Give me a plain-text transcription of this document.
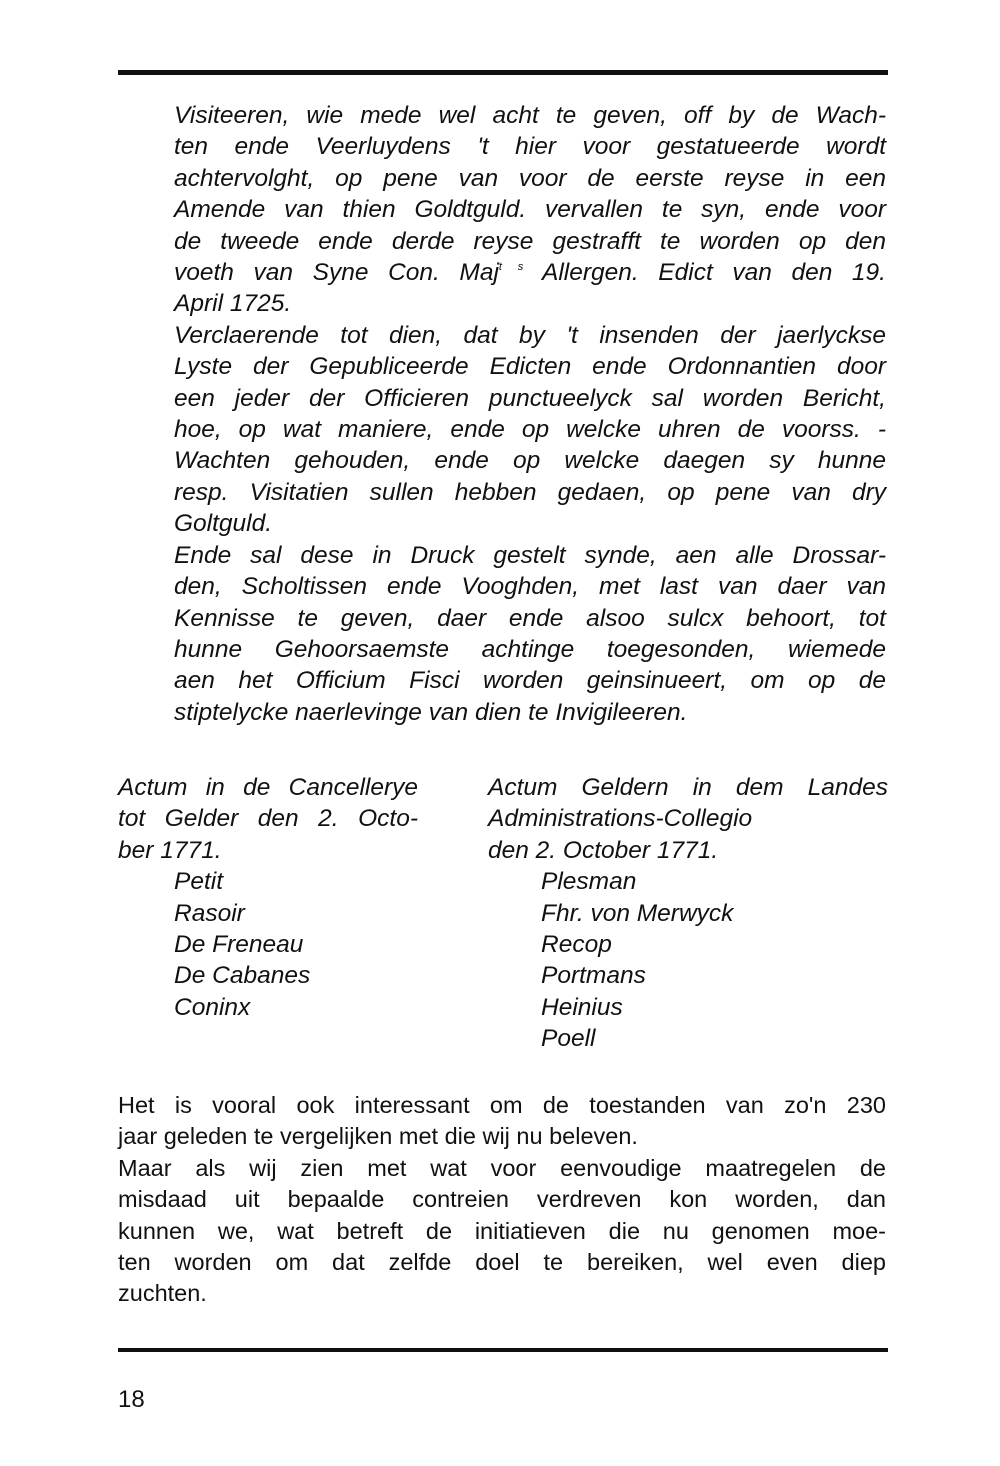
Visiteeren, wie mede wel acht te geven, off by de Wach-
ten ende Veerluydens 't hier voor gestatueerde wordt
achtervolght, op pene van voor de eerste reyse in een
Amende van thien Goldtguld. vervallen te syn, ende voor
de tweede ende derde reyse gestrafft te worden op den
voeth van Syne Con. Maj$^{t s}$ Allergen. Edict van den 19.
April 1725.

Verclaerende tot dien, dat by 't insenden der jaerlyckse
Lyste der Gepubliceerde Edicten ende Ordonnantien door
een jeder der Officieren punctueelyck sal worden Bericht,
hoe, op wat maniere, ende op welcke uhren de voorss. -
Wachten gehouden, ende op welcke daegen sy hunne
resp. Visitatien sullen hebben gedaen, op pene van dry
Goltguld.

Ende sal dese in Druck gestelt synde, aen alle Drossar-
den, Scholtissen ende Vooghden, met last van daer van
Kennisse te geven, daer ende alsoo sulcx behoort, tot
hunne Gehoorsaemste achtinge toegesonden, wiemede
aen het Officium Fisci worden geinsinueert, om op de
stiptelycke naerlevinge van dien te Invigileeren.

Actum in de Cancellerye
tot Gelder den 2. Octo-
ber 1771.
Petit
Rasoir
De Freneau
De Cabanes
Coninx
Actum Geldern in dem Landes
Administrations-Collegio
den 2. October 1771.
Plesman
Fhr. von Merwyck
Recop
Portmans
Heinius
Poell

Het is vooral ook interessant om de toestanden van zo'n 230
jaar geleden te vergelijken met die wij nu beleven.

Maar als wij zien met wat voor eenvoudige maatregelen de
misdaad uit bepaalde contreien verdreven kon worden, dan
kunnen we, wat betreft de initiatieven die nu genomen moe-
ten worden om dat zelfde doel te bereiken, wel even diep
zuchten.

18
